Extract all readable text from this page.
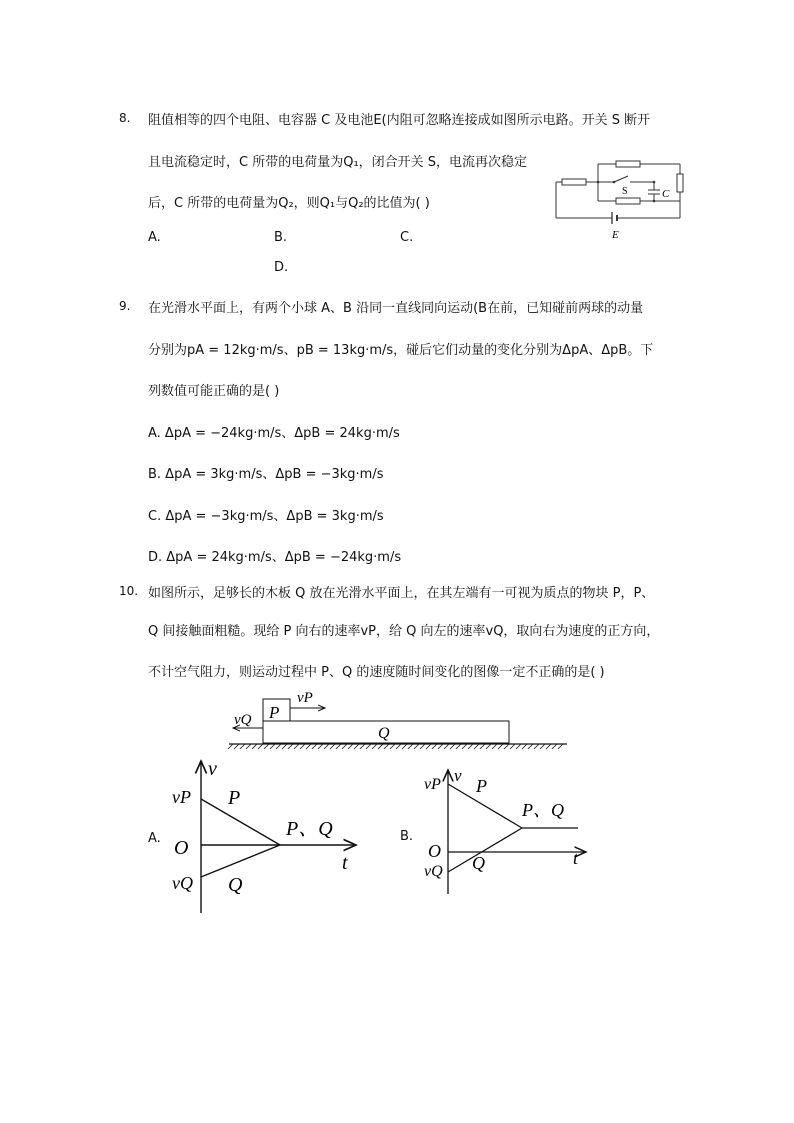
8. 阻值相等的四个电阻、电容器 C 及电池E(内阻可忽略连接成如图所示电路。开关 S 断开
且电流稳定时，C 所带的电荷量为Q₁，闭合开关 S，电流再次稳定
后，C 所带的电荷量为Q₂，则Q₁与Q₂的比值为( )
A.	B.	C.
D.
S	C
E
9. 在光滑水平面上，有两个小球 A、B 沿同一直线同向运动(B在前，已知碰前两球的动量
分别为pA = 12kg·m/s、pB = 13kg·m/s，碰后它们动量的变化分别为ΔpA、ΔpB。下
列数值可能正确的是( )
A. ΔpA = −24kg·m/s、ΔpB = 24kg·m/s
B. ΔpA = 3kg·m/s、ΔpB = −3kg·m/s
C. ΔpA = −3kg·m/s、ΔpB = 3kg·m/s
D. ΔpA = 24kg·m/s、ΔpB = −24kg·m/s
10. 如图所示，足够长的木板 Q 放在光滑水平面上，在其左端有一可视为质点的物块 P，P、
Q 间接触面粗糙。现给 P 向右的速率vP，给 Q 向左的速率vQ，取向右为速度的正方向，
不计空气阻力，则运动过程中 P、Q 的速度随时间变化的图像一定不正确的是( )
P
Q
vP
vQ
A.
v
vP
O
vQ
P
Q
P、Q
t
B.
v
vP
O
vQ
P
Q
P、Q
t
